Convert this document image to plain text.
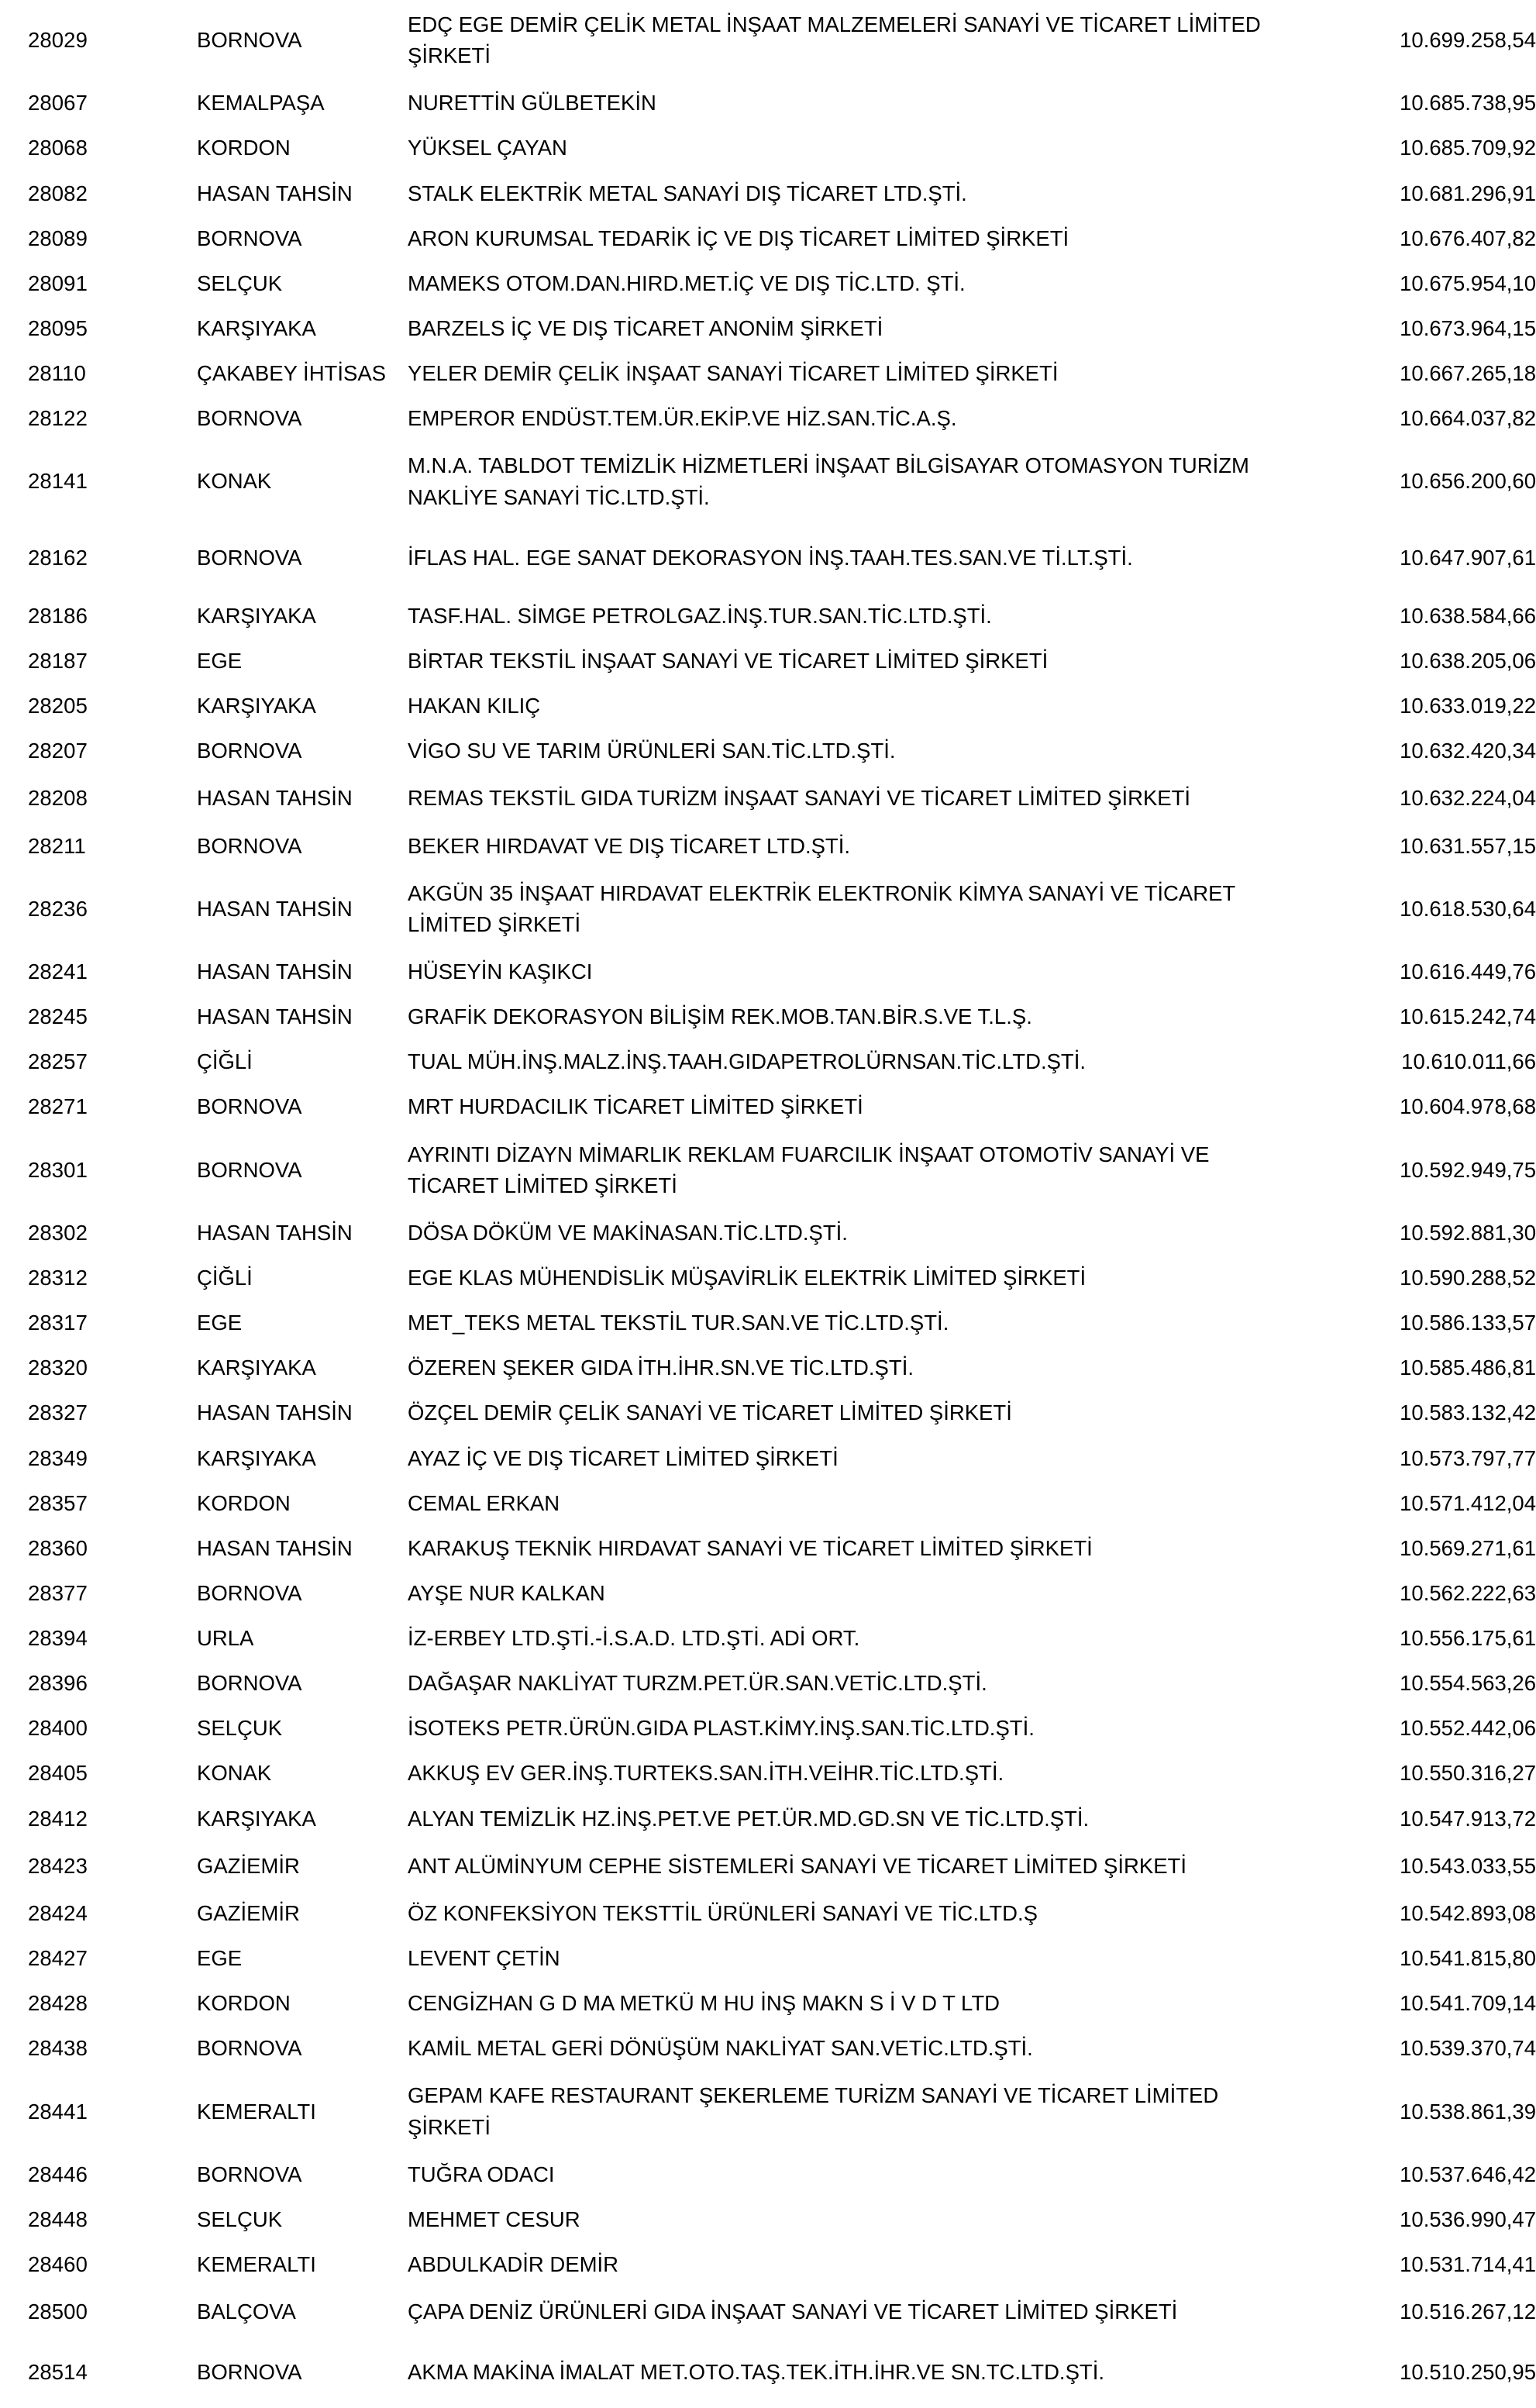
28029	BORNOVA	EDÇ EGE DEMİR ÇELİK METAL İNŞAAT MALZEMELERİ SANAYİ VE TİCARET LİMİTED ŞİRKETİ	10.699.258,54
28067	KEMALPAŞA	NURETTİN GÜLBETEKİN	10.685.738,95
28068	KORDON	YÜKSEL ÇAYAN	10.685.709,92
28082	HASAN TAHSİN	STALK ELEKTRİK METAL SANAYİ DIŞ TİCARET LTD.ŞTİ.	10.681.296,91
28089	BORNOVA	ARON KURUMSAL TEDARİK İÇ VE DIŞ TİCARET LİMİTED ŞİRKETİ	10.676.407,82
28091	SELÇUK	MAMEKS OTOM.DAN.HIRD.MET.İÇ VE DIŞ TİC.LTD. ŞTİ.	10.675.954,10
28095	KARŞIYAKA	BARZELS İÇ VE DIŞ TİCARET ANONİM ŞİRKETİ	10.673.964,15
28110	ÇAKABEY İHTİSAS	YELER DEMİR ÇELİK İNŞAAT SANAYİ TİCARET LİMİTED ŞİRKETİ	10.667.265,18
28122	BORNOVA	EMPEROR ENDÜST.TEM.ÜR.EKİP.VE HİZ.SAN.TİC.A.Ş.	10.664.037,82
28141	KONAK	M.N.A. TABLDOT TEMİZLİK HİZMETLERİ İNŞAAT BİLGİSAYAR OTOMASYON TURİZM NAKLİYE SANAYİ TİC.LTD.ŞTİ.	10.656.200,60
28162	BORNOVA	İFLAS HAL. EGE SANAT DEKORASYON İNŞ.TAAH.TES.SAN.VE Tİ.LT.ŞTİ.	10.647.907,61
28186	KARŞIYAKA	TASF.HAL. SİMGE PETROLGAZ.İNŞ.TUR.SAN.TİC.LTD.ŞTİ.	10.638.584,66
28187	EGE	BİRTAR TEKSTİL İNŞAAT SANAYİ VE TİCARET LİMİTED ŞİRKETİ	10.638.205,06
28205	KARŞIYAKA	HAKAN KILIÇ	10.633.019,22
28207	BORNOVA	VİGO SU VE TARIM ÜRÜNLERİ SAN.TİC.LTD.ŞTİ.	10.632.420,34
28208	HASAN TAHSİN	REMAS TEKSTİL GIDA TURİZM İNŞAAT SANAYİ VE TİCARET LİMİTED ŞİRKETİ	10.632.224,04
28211	BORNOVA	BEKER HIRDAVAT VE DIŞ TİCARET LTD.ŞTİ.	10.631.557,15
28236	HASAN TAHSİN	AKGÜN 35 İNŞAAT HIRDAVAT ELEKTRİK ELEKTRONİK KİMYA SANAYİ VE TİCARET LİMİTED ŞİRKETİ	10.618.530,64
28241	HASAN TAHSİN	HÜSEYİN KAŞIKCI	10.616.449,76
28245	HASAN TAHSİN	GRAFİK DEKORASYON BİLİŞİM REK.MOB.TAN.BİR.S.VE T.L.Ş.	10.615.242,74
28257	ÇİĞLİ	TUAL MÜH.İNŞ.MALZ.İNŞ.TAAH.GIDAPETROLÜRNSAN.TİC.LTD.ŞTİ.	10.610.011,66
28271	BORNOVA	MRT HURDACILIK TİCARET LİMİTED ŞİRKETİ	10.604.978,68
28301	BORNOVA	AYRINTI DİZAYN MİMARLIK REKLAM FUARCILIK İNŞAAT OTOMOTİV SANAYİ VE TİCARET LİMİTED ŞİRKETİ	10.592.949,75
28302	HASAN TAHSİN	DÖSA DÖKÜM VE MAKİNASAN.TİC.LTD.ŞTİ.	10.592.881,30
28312	ÇİĞLİ	EGE KLAS MÜHENDİSLİK MÜŞAVİRLİK ELEKTRİK LİMİTED ŞİRKETİ	10.590.288,52
28317	EGE	MET_TEKS METAL TEKSTİL TUR.SAN.VE TİC.LTD.ŞTİ.	10.586.133,57
28320	KARŞIYAKA	ÖZEREN ŞEKER GIDA İTH.İHR.SN.VE TİC.LTD.ŞTİ.	10.585.486,81
28327	HASAN TAHSİN	ÖZÇEL DEMİR ÇELİK SANAYİ VE TİCARET LİMİTED ŞİRKETİ	10.583.132,42
28349	KARŞIYAKA	AYAZ İÇ VE DIŞ TİCARET LİMİTED ŞİRKETİ	10.573.797,77
28357	KORDON	CEMAL ERKAN	10.571.412,04
28360	HASAN TAHSİN	KARAKUŞ TEKNİK HIRDAVAT SANAYİ VE TİCARET LİMİTED ŞİRKETİ	10.569.271,61
28377	BORNOVA	AYŞE NUR KALKAN	10.562.222,63
28394	URLA	İZ-ERBEY LTD.ŞTİ.-İ.S.A.D. LTD.ŞTİ. ADİ ORT.	10.556.175,61
28396	BORNOVA	DAĞAŞAR NAKLİYAT TURZM.PET.ÜR.SAN.VETİC.LTD.ŞTİ.	10.554.563,26
28400	SELÇUK	İSOTEKS PETR.ÜRÜN.GIDA PLAST.KİMY.İNŞ.SAN.TİC.LTD.ŞTİ.	10.552.442,06
28405	KONAK	AKKUŞ EV GER.İNŞ.TURTEKS.SAN.İTH.VEİHR.TİC.LTD.ŞTİ.	10.550.316,27
28412	KARŞIYAKA	ALYAN TEMİZLİK HZ.İNŞ.PET.VE PET.ÜR.MD.GD.SN VE TİC.LTD.ŞTİ.	10.547.913,72
28423	GAZİEMİR	ANT ALÜMİNYUM CEPHE SİSTEMLERİ SANAYİ VE TİCARET LİMİTED ŞİRKETİ	10.543.033,55
28424	GAZİEMİR	ÖZ KONFEKSİYON TEKSTTİL ÜRÜNLERİ SANAYİ VE TİC.LTD.Ş	10.542.893,08
28427	EGE	LEVENT ÇETİN	10.541.815,80
28428	KORDON	CENGİZHAN G D MA METKÜ M HU İNŞ MAKN S İ V D T LTD	10.541.709,14
28438	BORNOVA	KAMİL METAL GERİ DÖNÜŞÜM NAKLİYAT SAN.VETİC.LTD.ŞTİ.	10.539.370,74
28441	KEMERALTI	GEPAM KAFE RESTAURANT ŞEKERLEME TURİZM SANAYİ VE TİCARET LİMİTED ŞİRKETİ	10.538.861,39
28446	BORNOVA	TUĞRA ODACI	10.537.646,42
28448	SELÇUK	MEHMET CESUR	10.536.990,47
28460	KEMERALTI	ABDULKADİR DEMİR	10.531.714,41
28500	BALÇOVA	ÇAPA DENİZ ÜRÜNLERİ GIDA İNŞAAT SANAYİ VE TİCARET LİMİTED ŞİRKETİ	10.516.267,12
28514	BORNOVA	AKMA MAKİNA İMALAT MET.OTO.TAŞ.TEK.İTH.İHR.VE SN.TC.LTD.ŞTİ.	10.510.250,95
